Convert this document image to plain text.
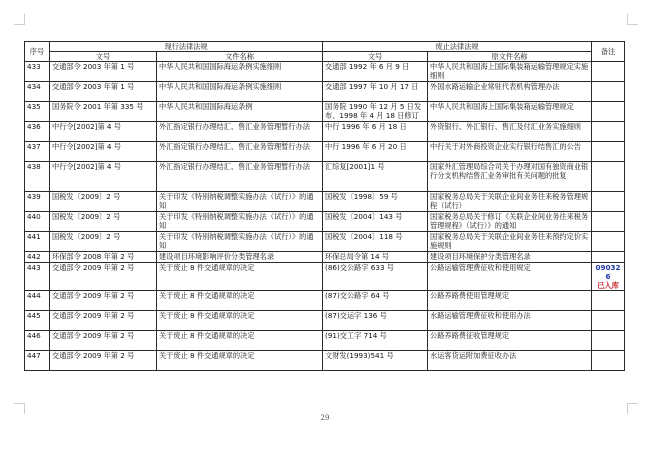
序号	现行法律法规		废止法律法规		备注
	文号	文件名称	文号	原文件名称	
433	交通部令 2003 年第 1 号	中华人民共和国国际海运条例实施细则	交通部 1992 年 6 月 9 日	中华人民共和国海上国际集装箱运输管理规定实施细则	
434	交通部令 2003 年第 1 号	中华人民共和国国际海运条例实施细则	交通部 1997 年 10 月 17 日	外国水路运输企业常驻代表机构管理办法	
435	国务院令 2001 年第 335 号	中华人民共和国国际海运条例	国务院 1990 年 12 月 5 日发布、1998 年 4 月 18 日修订	中华人民共和国海上国际集装箱运输管理规定	
436	中行令[2002]第 4 号	外汇指定银行办理结汇、售汇业务管理暂行办法	中行 1996 年 6 月 18 日	外资银行、外汇银行、售汇及付汇业务实施细则	
437	中行令[2002]第 4 号	外汇指定银行办理结汇、售汇业务管理暂行办法	中行 1996 年 6 月 20 日	中行关于对外商投资企业实行银行结售汇的公告	
438	中行令[2002]第 4 号	外汇指定银行办理结汇、售汇业务管理暂行办法	汇综复[2001]1 号	国家外汇管理局综合司关于办理对国有独资商业银行分支机构结售汇业务审批有关问题的批复	
439	国税发〔2009〕2 号	关于印发《特别纳税调整实施办法（试行）》的通知	国税发〔1998〕59 号	国家税务总局关于关联企业间业务往来税务管理规程（试行）	
440	国税发〔2009〕2 号	关于印发《特别纳税调整实施办法（试行）》的通知	国税发〔2004〕143 号	国家税务总局关于修订《关联企业间业务往来税务管理规程》（试行）》的通知	
441	国税发〔2009〕2 号	关于印发《特别纳税调整实施办法（试行）》的通知	国税发〔2004〕118 号	国家税务总局关于关联企业间业务往来预约定价实施规则	
442	环保部令 2008 年第 2 号	建设项目环境影响评价分类管理名录	环保总局令第 14 号	建设项目环境保护分类管理名录	
443	交通部令 2009 年第 2 号	关于废止 8 件交通规章的决定	(86)交公路字 633 号	公路运输管理费征收和使用规定	090326
已入库

444	交通部令 2009 年第 2 号	关于废止 8 件交通规章的决定	(87)交公路字 64 号	公路养路费使用管理规定	
445	交通部令 2009 年第 2 号	关于废止 8 件交通规章的决定	(87)交运字 136 号	水路运输管理费征收和使用办法	
446	交通部令 2009 年第 2 号	关于废止 8 件交通规章的决定	(91)交工字 714 号	公路养路费征收管理规定	
447	交通部令 2009 年第 2 号	关于废止 8 件交通规章的决定	文财发(1993)541 号	水运客货运附加费征收办法	
29
